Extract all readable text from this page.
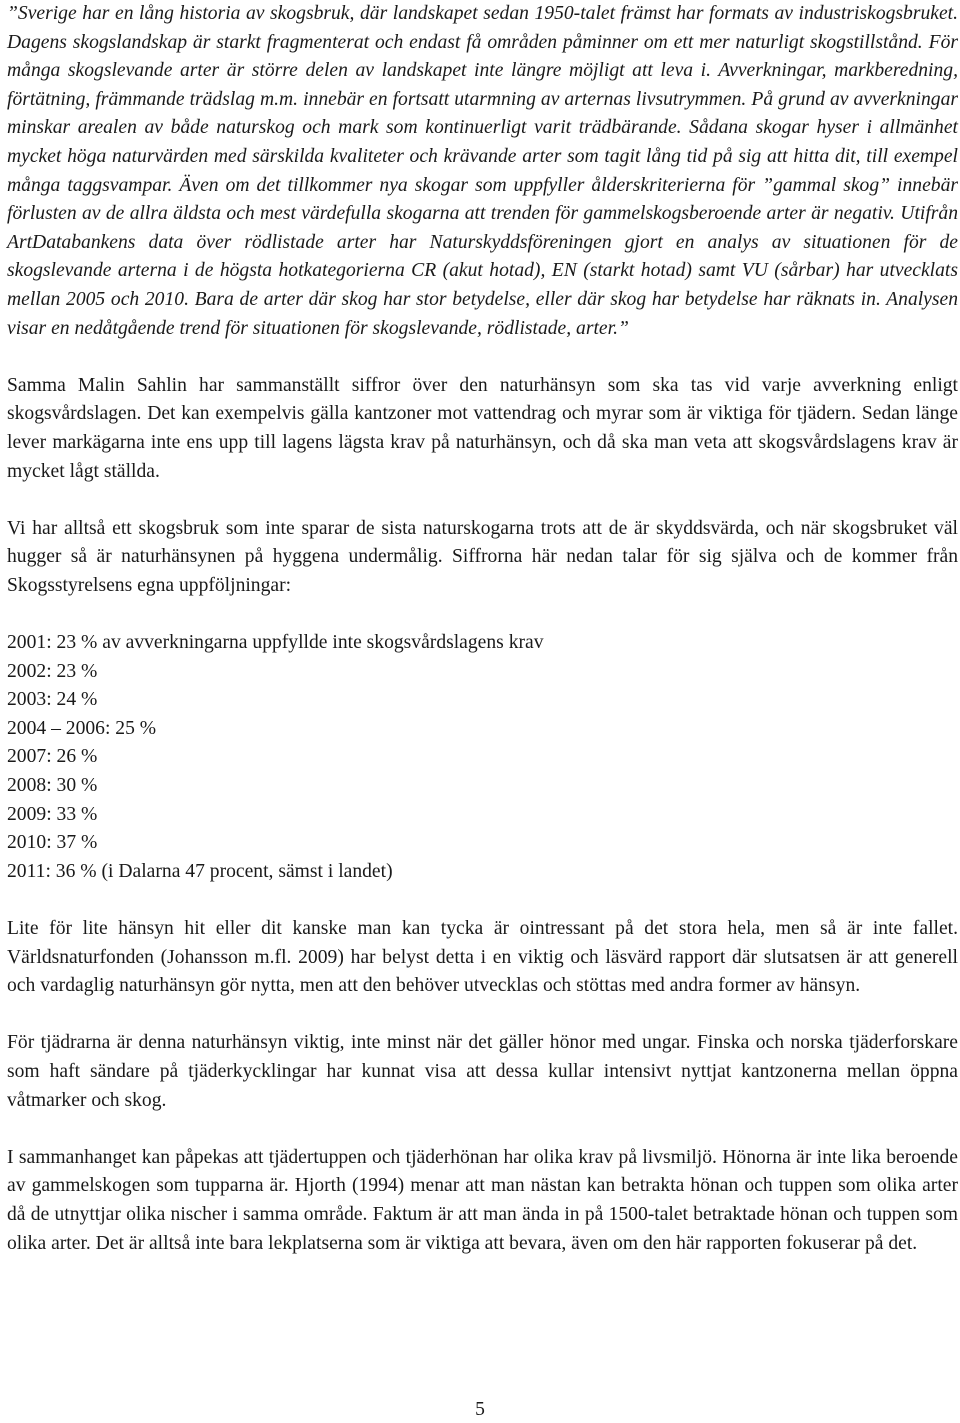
”Sverige har en lång historia av skogsbruk, där landskapet sedan 1950-talet främst har formats av industriskogsbruket. Dagens skogslandskap är starkt fragmenterat och endast få områden påminner om ett mer naturligt skogstillstånd. För många skogslevande arter är större delen av landskapet inte längre möjligt att leva i. Avverkningar, markberedning, förtätning, främmande trädslag m.m. innebär en fortsatt utarmning av arternas livsutrymmen. På grund av avverkningar minskar arealen av både naturskog och mark som kontinuerligt varit trädbärande. Sådana skogar hyser i allmänhet mycket höga naturvärden med särskilda kvaliteter och krävande arter som tagit lång tid på sig att hitta dit, till exempel många taggsvampar. Även om det tillkommer nya skogar som uppfyller ålderskriterierna för ”gammal skog” innebär förlusten av de allra äldsta och mest värdefulla skogarna att trenden för gammelskogsberoende arter är negativ. Utifrån ArtDatabankens data över rödlistade arter har Naturskyddsföreningen gjort en analys av situationen för de skogslevande arterna i de högsta hotkategorierna CR (akut hotad), EN (starkt hotad) samt VU (sårbar) har utvecklats mellan 2005 och 2010. Bara de arter där skog har stor betydelse, eller där skog har betydelse har räknats in. Analysen visar en nedåtgående trend för situationen för skogslevande, rödlistade, arter.”

Samma Malin Sahlin har sammanställt siffror över den naturhänsyn som ska tas vid varje avverkning enligt skogsvårdslagen. Det kan exempelvis gälla kantzoner mot vattendrag och myrar som är viktiga för tjädern. Sedan länge lever markägarna inte ens upp till lagens lägsta krav på naturhänsyn, och då ska man veta att skogsvårdslagens krav är mycket lågt ställda.

Vi har alltså ett skogsbruk som inte sparar de sista naturskogarna trots att de är skyddsvärda, och när skogsbruket väl hugger så är naturhänsynen på hyggena undermålig. Siffrorna här nedan talar för sig själva och de kommer från Skogsstyrelsens egna uppföljningar:

2001: 23 % av avverkningarna uppfyllde inte skogsvårdslagens krav
2002: 23 %
2003: 24 %
2004 – 2006: 25 %
2007: 26 %
2008: 30 %
2009: 33 %
2010: 37 %
2011: 36 % (i Dalarna 47 procent, sämst i landet)

Lite för lite hänsyn hit eller dit kanske man kan tycka är ointressant på det stora hela, men så är inte fallet. Världsnaturfonden (Johansson m.fl. 2009) har belyst detta i en viktig och läsvärd rapport där slutsatsen är att generell och vardaglig naturhänsyn gör nytta, men att den behöver utvecklas och stöttas med andra former av hänsyn.

För tjädrarna är denna naturhänsyn viktig, inte minst när det gäller hönor med ungar. Finska och norska tjäderforskare som haft sändare på tjäderkycklingar har kunnat visa att dessa kullar intensivt nyttjat kantzonerna mellan öppna våtmarker och skog.

I sammanhanget kan påpekas att tjädertuppen och tjäderhönan har olika krav på livsmiljö. Hönorna är inte lika beroende av gammelskogen som tupparna är. Hjorth (1994) menar att man nästan kan betrakta hönan och tuppen som olika arter då de utnyttjar olika nischer i samma område. Faktum är att man ända in på 1500-talet betraktade hönan och tuppen som olika arter. Det är alltså inte bara lekplatserna som är viktiga att bevara, även om den här rapporten fokuserar på det.

5
